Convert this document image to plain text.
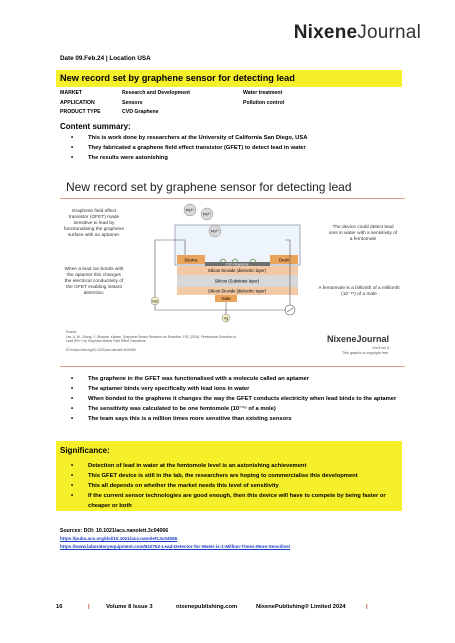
NixeneJournal
Date 09.Feb.24 | Location USA
New record set by graphene sensor for detecting lead
MARKET	Research and Development	Water treatment
APPLICATION	Sensors	Pollution control
PRODUCT TYPE	CVD Graphene
Content summary:
• This is work done by researchers at the University of California San Diego, USA
• They fabricated a graphene field effect transistor (GFET) to detect lead in water
• The results were astonishing
New record set by graphene sensor for detecting lead
Pb²⁺
Pb²⁺
Pb²⁺
Source	Drain
CVD Graphene
Silicon Dioxide (dielectric layer)
Silicon (Substrate layer)
Silicon Dioxide (dielectric layer)
Gate
Vds
Vg
Graphene field effect transistor (GFET) made sensitive to lead by functionalising the graphene surface with an aptamer.
When a lead ion bonds with the aptamer this changes the electrical conductivity of the GFET enabling instant detection.
The device could detect lead ions in water with a sensitivity of a femtomole
A femtomole is a billionth of a millionth (10⁻¹⁵) of a mole
Source:
Lee, A. W., Zhang, Y., Bhavsar, Kaiwen, Graphene Sensor Reaches Ion Detection, FIG. (2024). Femtomolar Detection of Lead (Pb²⁺) by Graphene-Based Field Effect Transistors.
...
DOI https://doi.org/10.1021/acs.nanolett.3c04066
NixeneJournal
Vol 8 Iss 3
This graphic is copyright free.
• The graphene in the GFET was functionalised with a molecule called an aptamer
• The aptamer binds very specifically with lead ions in water
• When bonded to the graphene it changes the way the GFET conducts electricity when lead binds to the aptamer
• The sensitivity was calculated to be one femtomole (10⁻¹⁵ of a mole)
• The team says this is a million times more sensitive than existing sensors
Significance:
• Detection of lead in water at the femtomole level is an astonishing achievement
• This GFET device is still in the lab, the researchers are hoping to commercialise this development
• This all depends on whether the market needs this level of sensitivity
• If the current sensor technologies are good enough, then this device will have to compete by being faster or cheaper or both
Sources: DOI: 10.1021/acs.nanolett.3c04066
https://pubs.acs.org/doi/10.1021/acs.nanolett.3c04066
https://www.laboratoryequipment.com/610762-Lead-Detector-for-Water-is-1-Million-Times-More-Sensitive/
16	|	Volume 8 Issue 3	nixenepublishing.com	NixenePublishing® Limited 2024	|
